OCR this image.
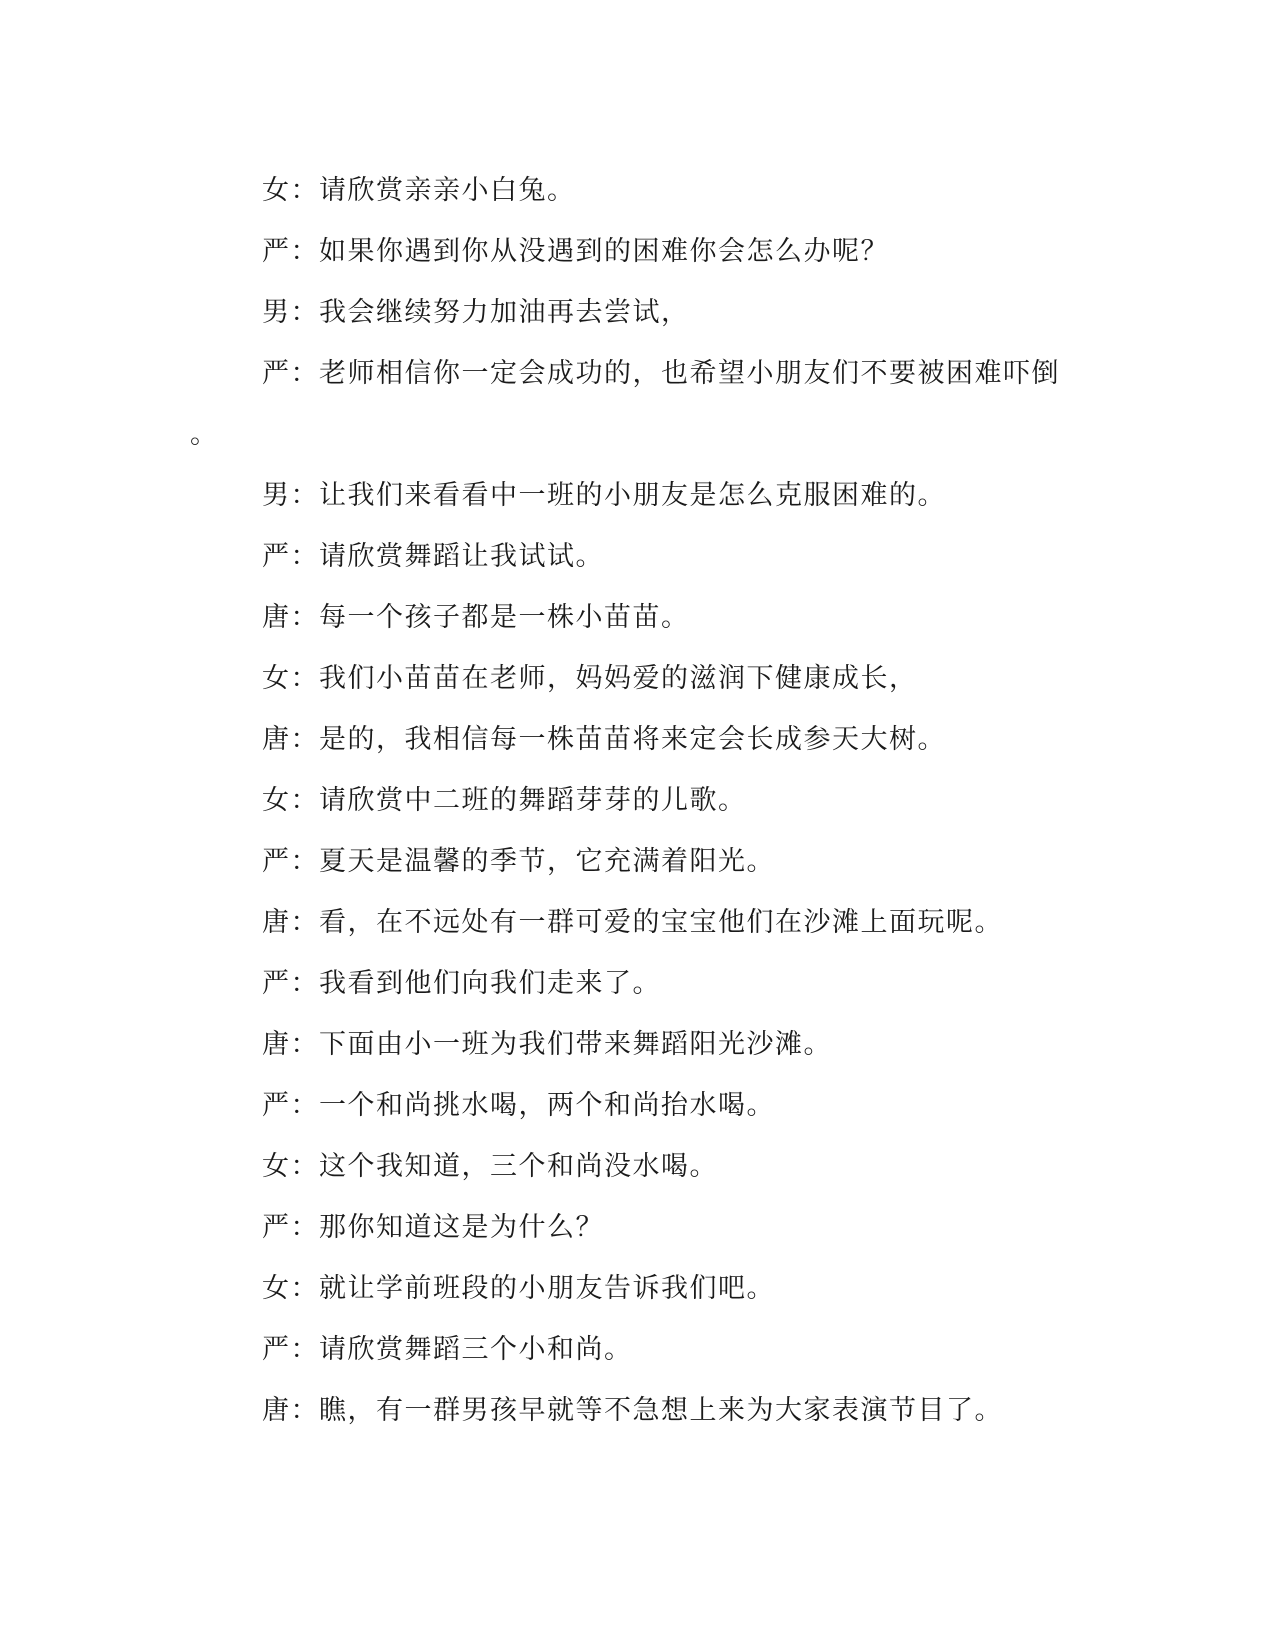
女：请欣赏亲亲小白兔。
严：如果你遇到你从没遇到的困难你会怎么办呢？
男：我会继续努力加油再去尝试，
严：老师相信你一定会成功的，也希望小朋友们不要被困难吓倒
。
男：让我们来看看中一班的小朋友是怎么克服困难的。
严：请欣赏舞蹈让我试试。
唐：每一个孩子都是一株小苗苗。
女：我们小苗苗在老师，妈妈爱的滋润下健康成长，
唐：是的，我相信每一株苗苗将来定会长成参天大树。
女：请欣赏中二班的舞蹈芽芽的儿歌。
严：夏天是温馨的季节，它充满着阳光。
唐：看，在不远处有一群可爱的宝宝他们在沙滩上面玩呢。
严：我看到他们向我们走来了。
唐：下面由小一班为我们带来舞蹈阳光沙滩。
严：一个和尚挑水喝，两个和尚抬水喝。
女：这个我知道，三个和尚没水喝。
严：那你知道这是为什么？
女：就让学前班段的小朋友告诉我们吧。
严：请欣赏舞蹈三个小和尚。
唐：瞧，有一群男孩早就等不急想上来为大家表演节目了。
